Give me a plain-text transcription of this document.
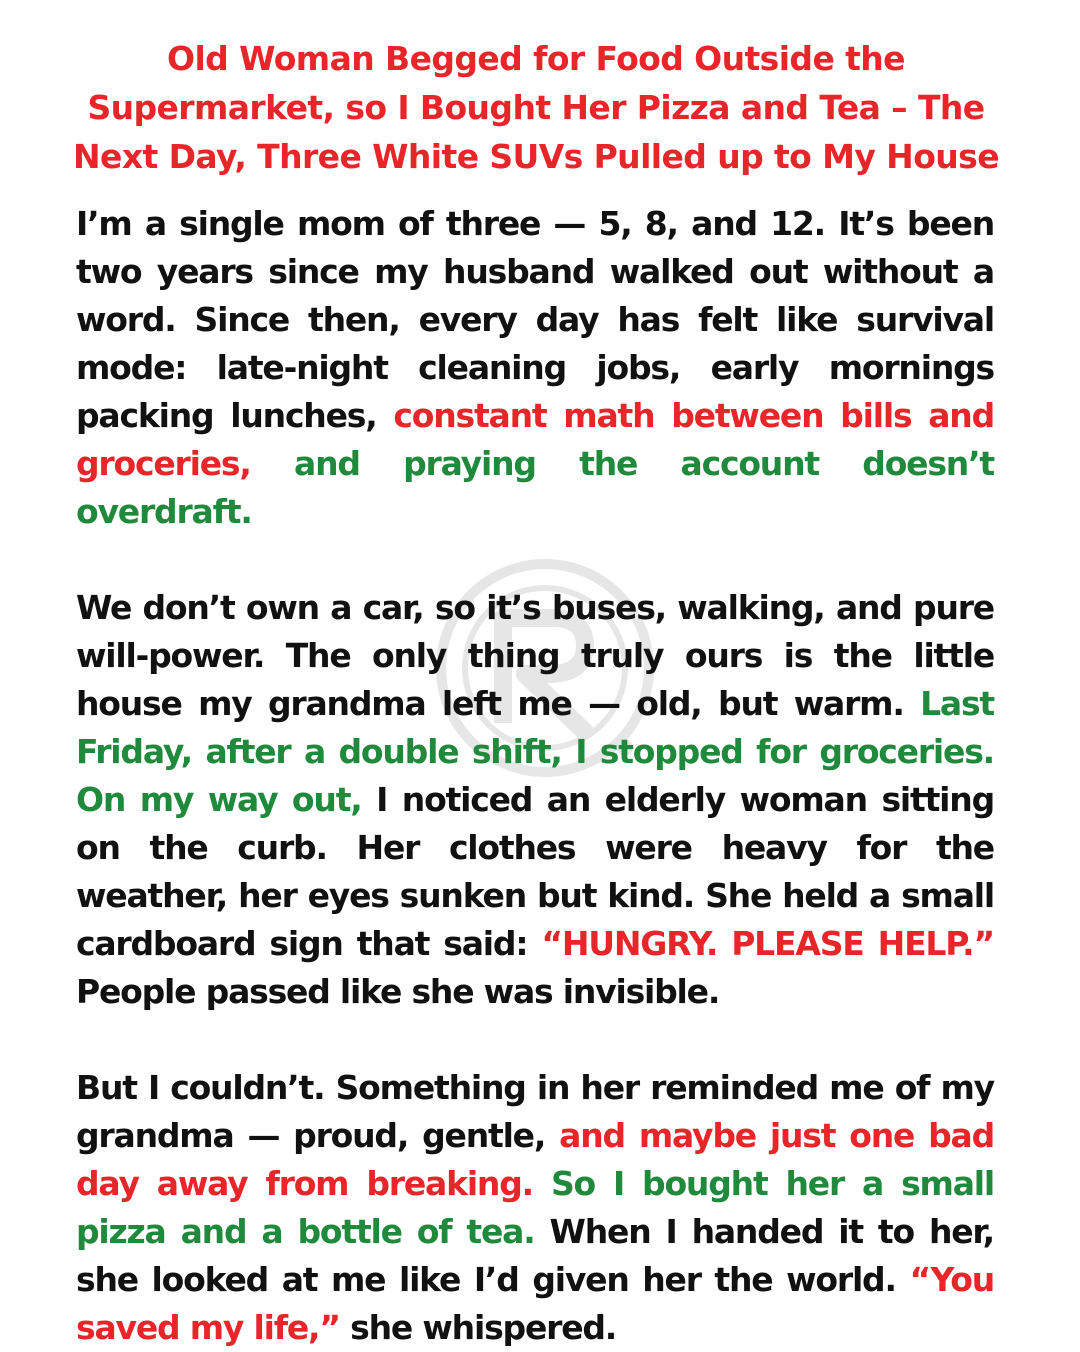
Old Woman Begged for Food Outside the
Supermarket, so I Bought Her Pizza and Tea – The
Next Day, Three White SUVs Pulled up to My House

I’m a single mom of three — 5, 8, and 12. It’s been two years since my husband walked out without a word. Since then, every day has felt like survival mode: late-night cleaning jobs, early mornings packing lunches, constant math between bills and groceries, and praying the account doesn’t overdraft.

We don’t own a car, so it’s buses, walking, and pure will-power. The only thing truly ours is the little house my grandma left me — old, but warm. Last Friday, after a double shift, I stopped for groceries. On my way out, I noticed an elderly woman sitting on the curb. Her clothes were heavy for the weather, her eyes sunken but kind. She held a small cardboard sign that said: “HUNGRY. PLEASE HELP.” People passed like she was invisible.

But I couldn’t. Something in her reminded me of my grandma — proud, gentle, and maybe just one bad day away from breaking. So I bought her a small pizza and a bottle of tea. When I handed it to her, she looked at me like I’d given her the world. “You saved my life,” she whispered.
